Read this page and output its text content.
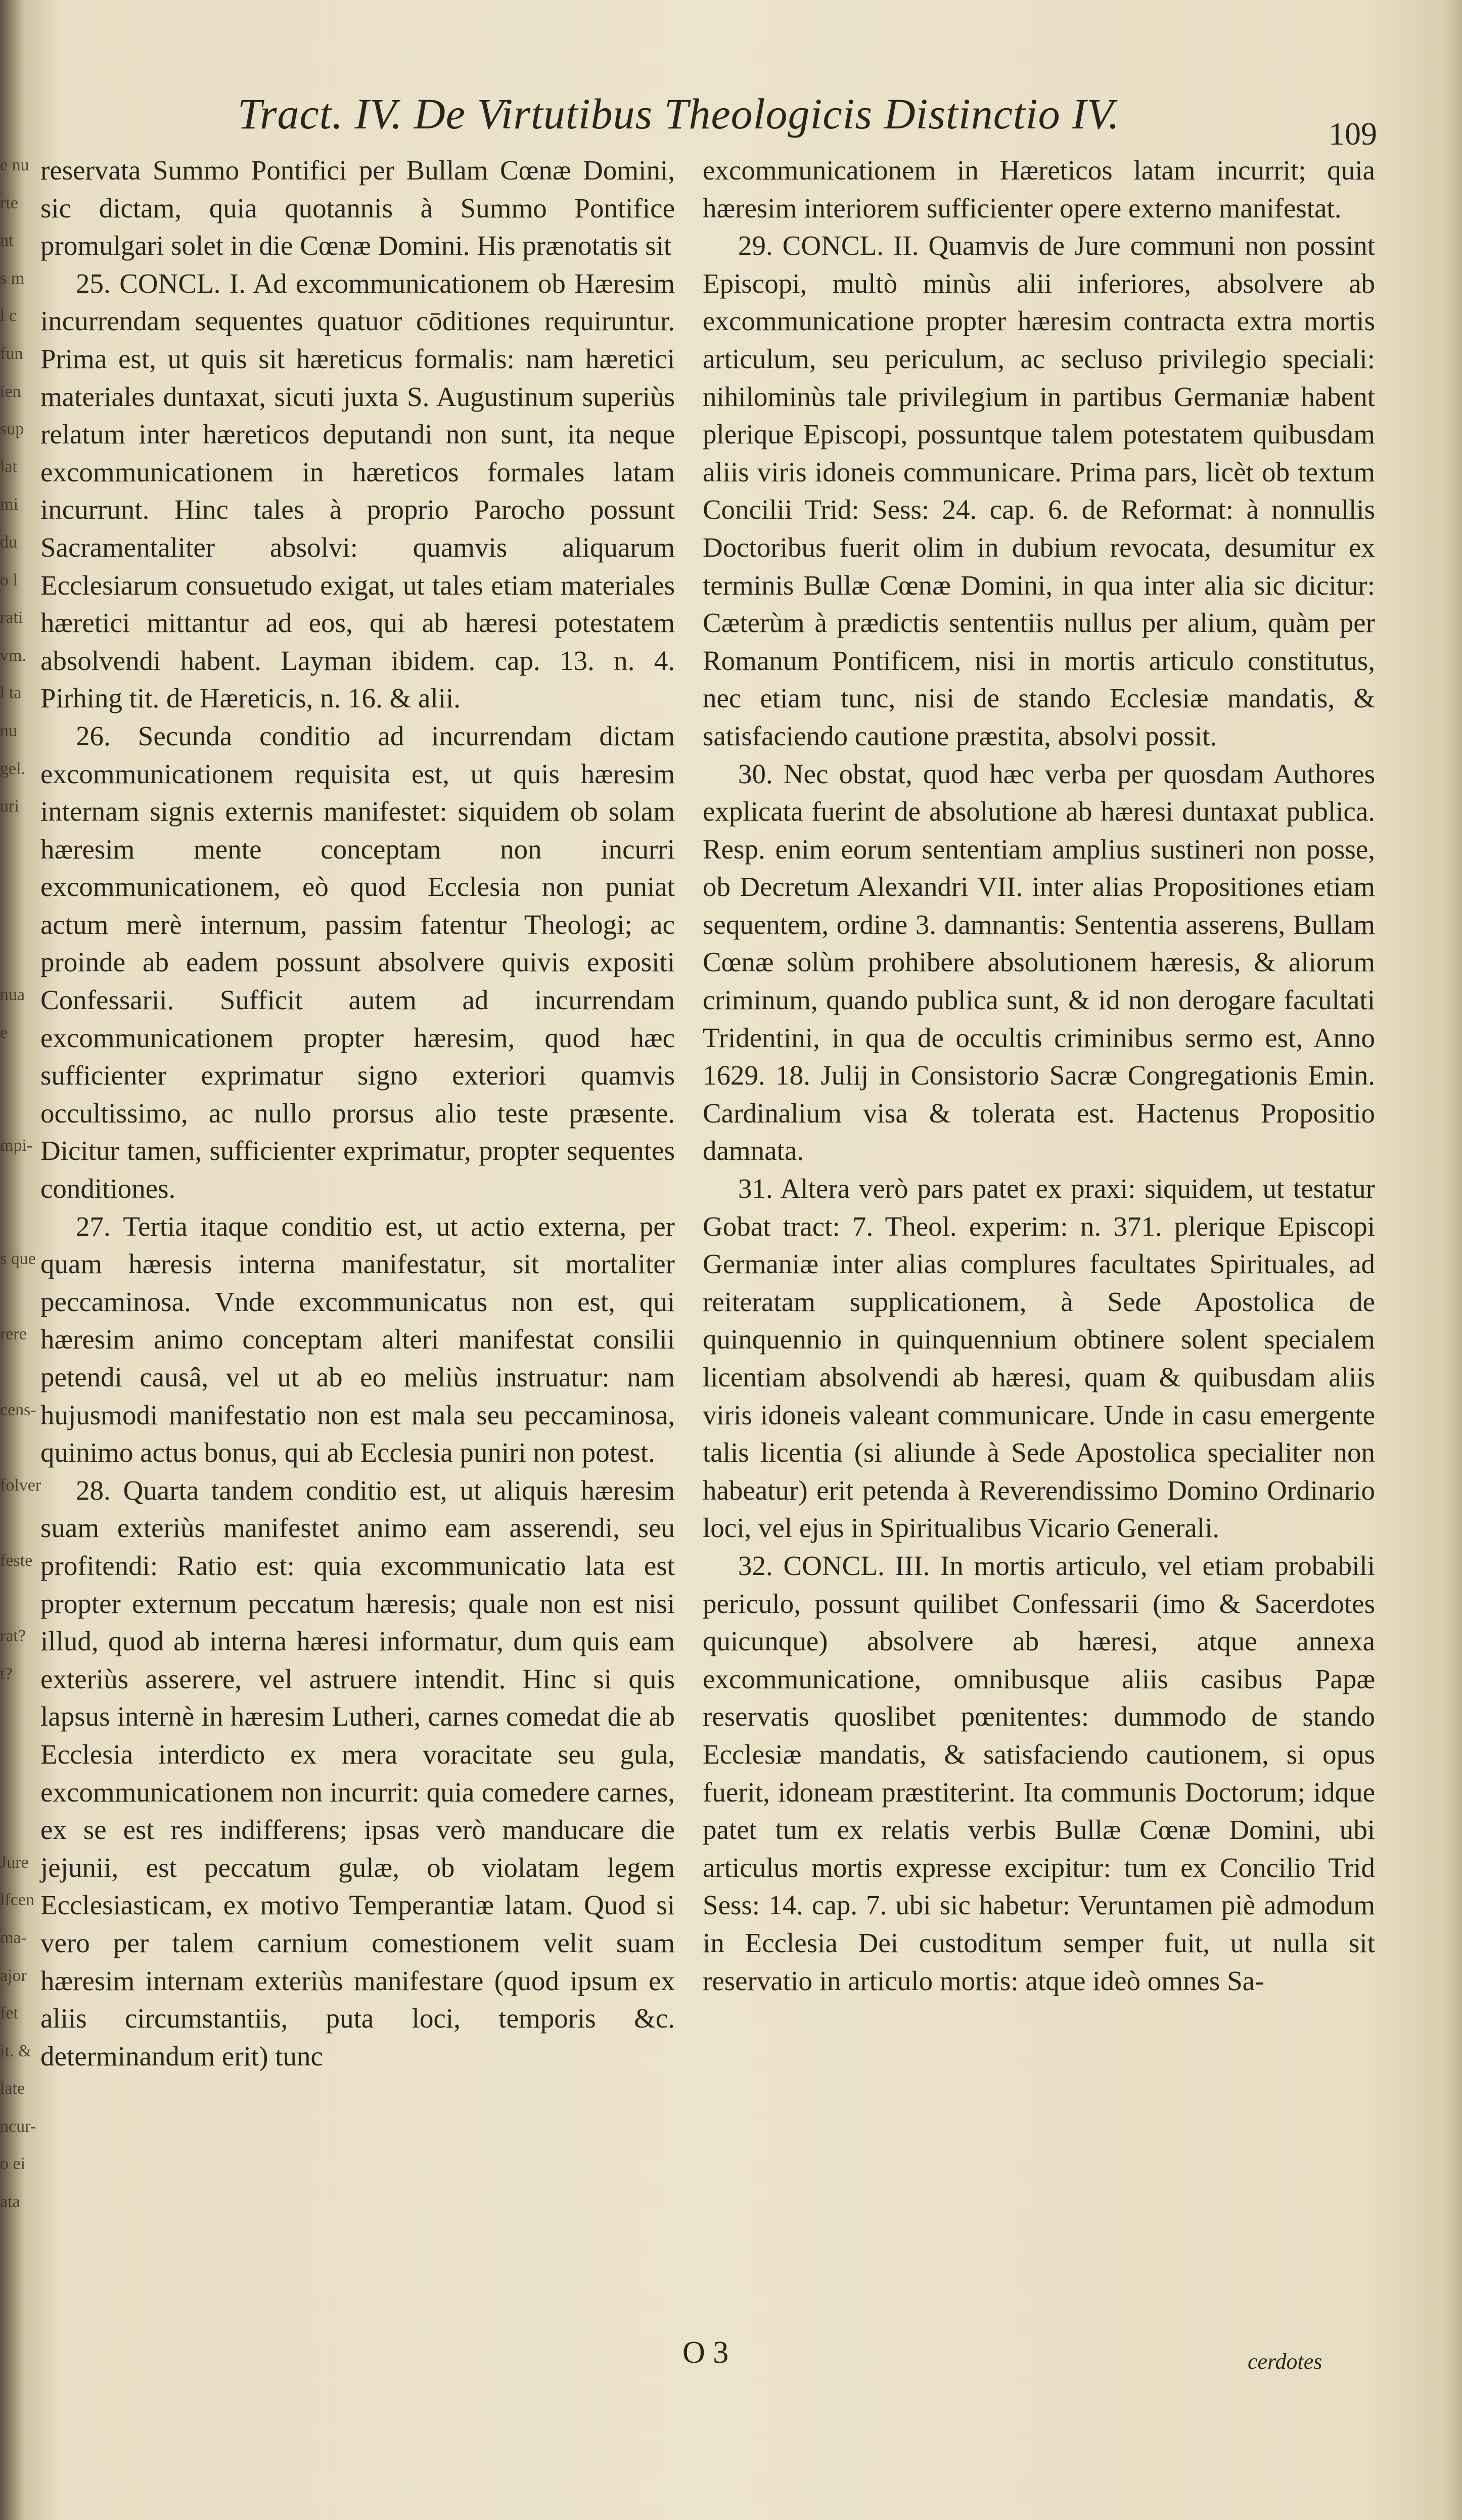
e nu
rte
nt
s m
l c
fun
ien
sup
lat
mi
du
o l
rati
vm.
l ta
nu
gel.
uri

nua
e

mpi-

s que

rere

cens-

folver

feste

rat?
t?

Jure
lfcen
ma-
ajor
fet
it. &
late
ncur-
o ei
ata
Tract. IV. De Virtutibus Theologicis Distinctio IV.	109

reservata Summo Pontifici per Bullam Cœnæ Domini, sic dictam, quia quotannis à Summo Pontifice promulgari solet in die Cœnæ Domini. His prænotatis sit

25. CONCL. I. Ad excommunicationem ob Hæresim incurrendam sequentes quatuor cōditiones requiruntur. Prima est, ut quis sit hæreticus formalis: nam hæretici materiales duntaxat, sicuti juxta S. Augustinum superiùs relatum inter hæreticos deputandi non sunt, ita neque excommunicationem in hæreticos formales latam incurrunt. Hinc tales à proprio Parocho possunt Sacramentaliter absolvi: quamvis aliquarum Ecclesiarum consuetudo exigat, ut tales etiam materiales hæretici mittantur ad eos, qui ab hæresi potestatem absolvendi habent. Layman ibidem. cap. 13. n. 4. Pirhing tit. de Hæreticis, n. 16. & alii.

26. Secunda conditio ad incurrendam dictam excommunicationem requisita est, ut quis hæresim internam signis externis manifestet: siquidem ob solam hæresim mente conceptam non incurri excommunicationem, eò quod Ecclesia non puniat actum merè internum, passim fatentur Theologi; ac proinde ab eadem possunt absolvere quivis expositi Confessarii. Sufficit autem ad incurrendam excommunicationem propter hæresim, quod hæc sufficienter exprimatur signo exteriori quamvis occultissimo, ac nullo prorsus alio teste præsente. Dicitur tamen, sufficienter exprimatur, propter sequentes conditiones.

27. Tertia itaque conditio est, ut actio externa, per quam hæresis interna manifestatur, sit mortaliter peccaminosa. Vnde excommunicatus non est, qui hæresim animo conceptam alteri manifestat consilii petendi causâ, vel ut ab eo meliùs instruatur: nam hujusmodi manifestatio non est mala seu peccaminosa, quinimo actus bonus, qui ab Ecclesia puniri non potest.

28. Quarta tandem conditio est, ut aliquis hæresim suam exteriùs manifestet animo eam asserendi, seu profitendi: Ratio est: quia excommunicatio lata est propter externum peccatum hæresis; quale non est nisi illud, quod ab interna hæresi informatur, dum quis eam exteriùs asserere, vel astruere intendit. Hinc si quis lapsus internè in hæresim Lutheri, carnes comedat die ab Ecclesia interdicto ex mera voracitate seu gula, excommunicationem non incurrit: quia comedere carnes, ex se est res indifferens; ipsas verò manducare die jejunii, est peccatum gulæ, ob violatam legem Ecclesiasticam, ex motivo Temperantiæ latam. Quod si vero per talem carnium comestionem velit suam hæresim internam exteriùs manifestare (quod ipsum ex aliis circumstantiis, puta loci, temporis &c. determinandum erit) tunc

excommunicationem in Hæreticos latam incurrit; quia hæresim interiorem sufficienter opere externo manifestat.

29. CONCL. II. Quamvis de Jure communi non possint Episcopi, multò minùs alii inferiores, absolvere ab excommunicatione propter hæresim contracta extra mortis articulum, seu periculum, ac secluso privilegio speciali: nihilominùs tale privilegium in partibus Germaniæ habent plerique Episcopi, possuntque talem potestatem quibusdam aliis viris idoneis communicare. Prima pars, licèt ob textum Concilii Trid: Sess: 24. cap. 6. de Reformat: à nonnullis Doctoribus fuerit olim in dubium revocata, desumitur ex terminis Bullæ Cœnæ Domini, in qua inter alia sic dicitur: Cæterùm à prædictis sententiis nullus per alium, quàm per Romanum Pontificem, nisi in mortis articulo constitutus, nec etiam tunc, nisi de stando Ecclesiæ mandatis, & satisfaciendo cautione præstita, absolvi possit.

30. Nec obstat, quod hæc verba per quosdam Authores explicata fuerint de absolutione ab hæresi duntaxat publica. Resp. enim eorum sententiam amplius sustineri non posse, ob Decretum Alexandri VII. inter alias Propositiones etiam sequentem, ordine 3. damnantis: Sententia asserens, Bullam Cœnæ solùm prohibere absolutionem hæresis, & aliorum criminum, quando publica sunt, & id non derogare facultati Tridentini, in qua de occultis criminibus sermo est, Anno 1629. 18. Julij in Consistorio Sacræ Congregationis Emin. Cardinalium visa & tolerata est. Hactenus Propositio damnata.

31. Altera verò pars patet ex praxi: siquidem, ut testatur Gobat tract: 7. Theol. experim: n. 371. plerique Episcopi Germaniæ inter alias complures facultates Spirituales, ad reiteratam supplicationem, à Sede Apostolica de quinquennio in quinquennium obtinere solent specialem licentiam absolvendi ab hæresi, quam & quibusdam aliis viris idoneis valeant communicare. Unde in casu emergente talis licentia (si aliunde à Sede Apostolica specialiter non habeatur) erit petenda à Reverendissimo Domino Ordinario loci, vel ejus in Spiritualibus Vicario Generali.

32. CONCL. III. In mortis articulo, vel etiam probabili periculo, possunt quilibet Confessarii (imo & Sacerdotes quicunque) absolvere ab hæresi, atque annexa excommunicatione, omnibusque aliis casibus Papæ reservatis quoslibet pœnitentes: dummodo de stando Ecclesiæ mandatis, & satisfaciendo cautionem, si opus fuerit, idoneam præstiterint. Ita communis Doctorum; idque patet tum ex relatis verbis Bullæ Cœnæ Domini, ubi articulus mortis expresse excipitur: tum ex Concilio Trid Sess: 14. cap. 7. ubi sic habetur: Veruntamen piè admodum in Ecclesia Dei custoditum semper fuit, ut nulla sit reservatio in articulo mortis: atque ideò omnes Sa-

O 3	cerdotes
